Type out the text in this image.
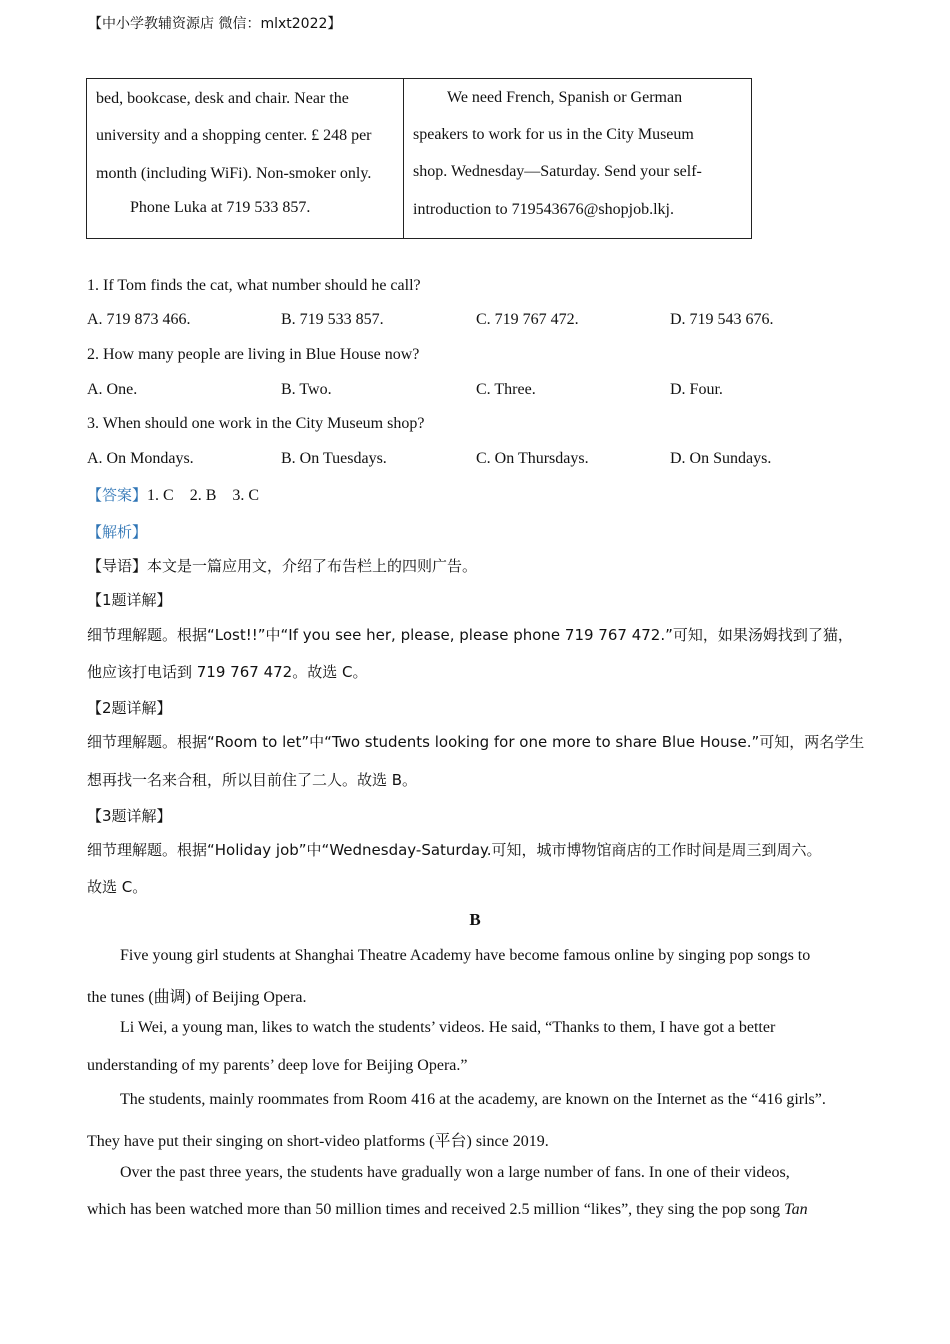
【中小学教辅资源店 微信：mlxt2022】
bed, bookcase, desk and chair. Near the
university and a shopping center. £ 248 per
month (including WiFi). Non-smoker only.
Phone Luka at 719 533 857.
We need French, Spanish or German
speakers to work for us in the City Museum
shop. Wednesday—Saturday. Send your self-
introduction to 719543676@shopjob.lkj.
1. If Tom finds the cat, what number should he call?
A. 719 873 466.	B. 719 533 857.	C. 719 767 472.	D. 719 543 676.
2. How many people are living in Blue House now?
A. One.	B. Two.	C. Three.	D. Four.
3. When should one work in the City Museum shop?
A. On Mondays.	B. On Tuesdays.	C. On Thursdays.	D. On Sundays.
【答案】1. C    2. B    3. C
【解析】
【导语】本文是一篇应用文，介绍了布告栏上的四则广告。
【1题详解】
细节理解题。根据“Lost!!”中“If you see her, please, please phone 719 767 472.”可知，如果汤姆找到了猫，
他应该打电话到 719 767 472。故选 C。
【2题详解】
细节理解题。根据“Room to let”中“Two students looking for one more to share Blue House.”可知，两名学生
想再找一名来合租，所以目前住了二人。故选 B。
【3题详解】
细节理解题。根据“Holiday job”中“Wednesday-Saturday.可知，城市博物馆商店的工作时间是周三到周六。
故选 C。
B
Five young girl students at Shanghai Theatre Academy have become famous online by singing pop songs to
the tunes (曲调) of Beijing Opera.
Li Wei, a young man, likes to watch the students’ videos. He said, “Thanks to them, I have got a better
understanding of my parents’ deep love for Beijing Opera.”
The students, mainly roommates from Room 416 at the academy, are known on the Internet as the “416 girls”.
They have put their singing on short-video platforms (平台) since 2019.
Over the past three years, the students have gradually won a large number of fans. In one of their videos,
which has been watched more than 50 million times and received 2.5 million “likes”, they sing the pop song Tan
